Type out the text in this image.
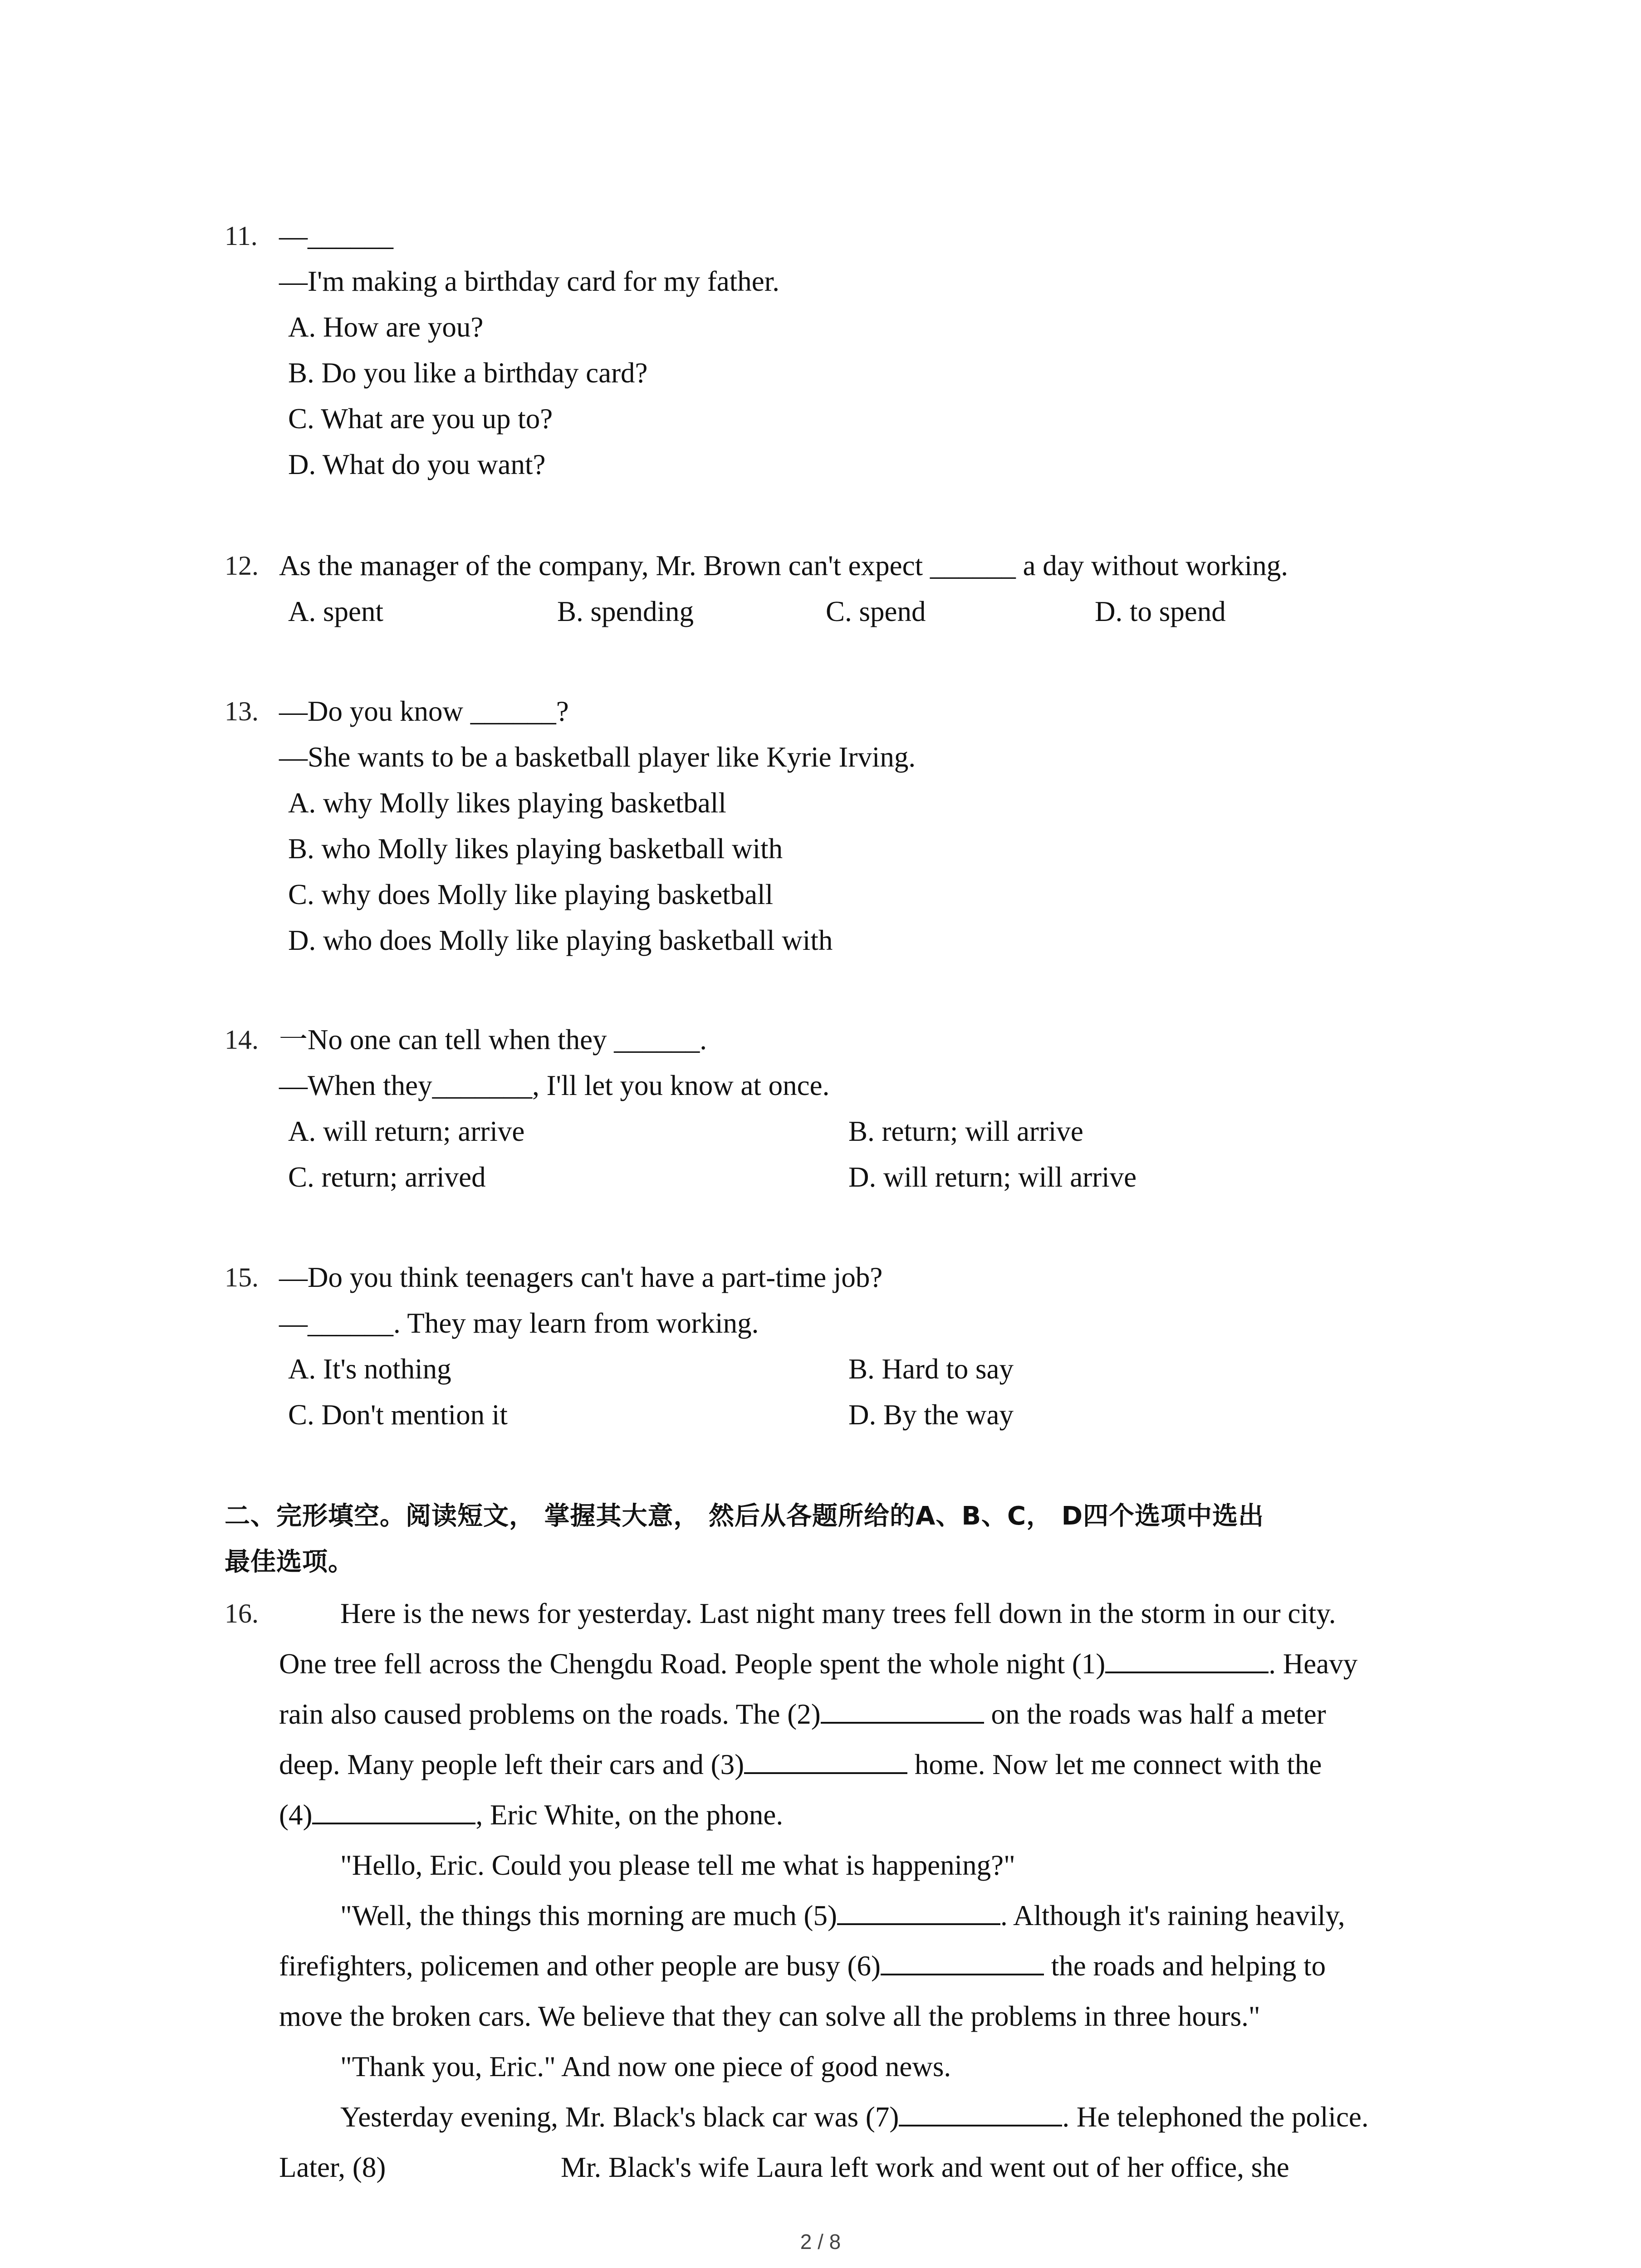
11. —______
—I'm making a birthday card for my father.
A. How are you?
B. Do you like a birthday card?
C. What are you up to?
D. What do you want?
12. As the manager of the company, Mr. Brown can't expect ______ a day without working.
A. spent	B. spending	C. spend	D. to spend
13. —Do you know ______?
―She wants to be a basketball player like Kyrie Irving.
A. why Molly likes playing basketball
B. who Molly likes playing basketball with
C. why does Molly like playing basketball
D. who does Molly like playing basketball with
14. 一No one can tell when they ______.
—When they_______, I'll let you know at once.
A. will return; arrive	B. return; will arrive
C. return; arrived	D. will return; will arrive
15. —Do you think teenagers can't have a part-time job?
—______. They may learn from working.
A. It's nothing	B. Hard to say
C. Don't mention it	D. By the way
二、完形填空。阅读短文， 掌握其大意， 然后从各题所给的A、B、C， D四个选项中选出
最佳选项。
16.	Here is the news for yesterday. Last night many trees fell down in the storm in our city.
One tree fell across the Chengdu Road. People spent the whole night (1)	. Heavy
rain also caused problems on the roads. The (2)	on the roads was half a meter
deep. Many people left their cars and (3)	home. Now let me connect with the
(4)	, Eric White, on the phone.
"Hello, Eric. Could you please tell me what is happening?"
"Well, the things this morning are much (5)	. Although it's raining heavily,
firefighters, policemen and other people are busy (6)	the roads and helping to
move the broken cars. We believe that they can solve all the problems in three hours."
"Thank you, Eric." And now one piece of good news.
Yesterday evening, Mr. Black's black car was (7)	. He telephoned the police.
Later, (8)	Mr. Black's wife Laura left work and went out of her office, she
2 / 8
